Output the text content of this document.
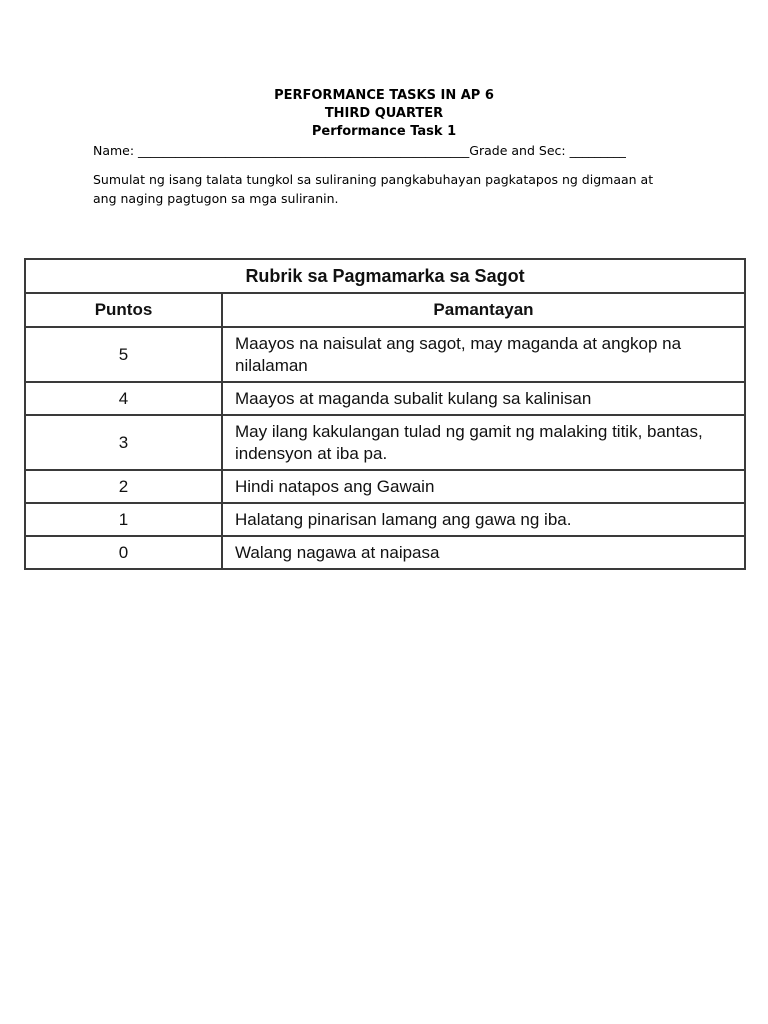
PERFORMANCE TASKS IN AP 6
THIRD QUARTER
Performance Task 1
Name: _____________________________________________________Grade and Sec: _________
Sumulat ng isang talata tungkol sa suliraning pangkabuhayan pagkatapos ng digmaan at ang naging pagtugon sa mga suliranin.
Rubrik sa Pagmamarka sa Sagot	
Puntos	Pamantayan
5	Maayos na naisulat ang sagot, may maganda at angkop na nilalaman
4	Maayos at maganda subalit kulang sa kalinisan
3	May ilang kakulangan tulad ng gamit ng malaking titik, bantas, indensyon at iba pa.
2	Hindi natapos ang Gawain
1	Halatang pinarisan lamang ang gawa ng iba.
0	Walang nagawa at naipasa
